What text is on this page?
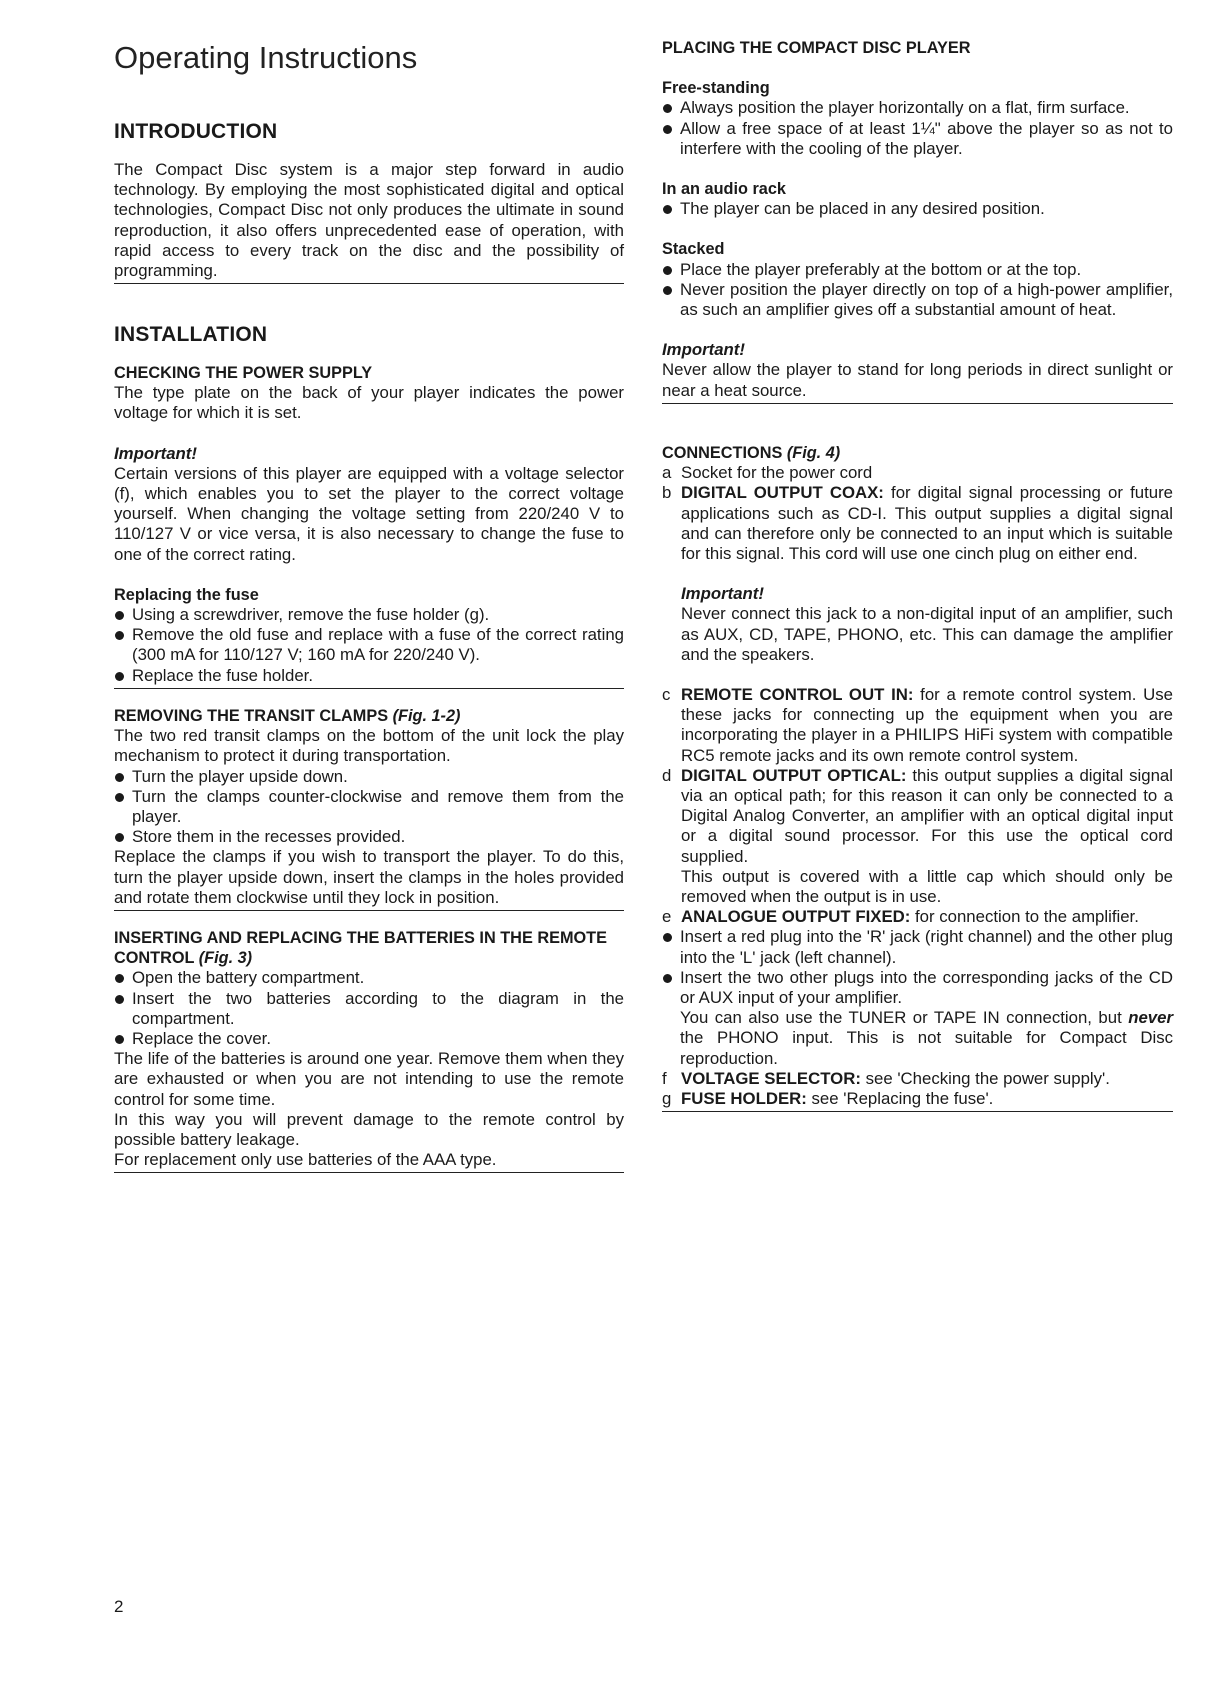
Operating Instructions
INTRODUCTION

The Compact Disc system is a major step forward in audio technology. By employing the most sophisticated digital and optical technologies, Compact Disc not only produces the ultimate in sound reproduction, it also offers unprecedented ease of operation, with rapid access to every track on the disc and the possibility of programming.

INSTALLATION

CHECKING THE POWER SUPPLY

The type plate on the back of your player indicates the power voltage for which it is set.

Important!

Certain versions of this player are equipped with a voltage selector (f), which enables you to set the player to the correct voltage yourself. When changing the voltage setting from 220/240 V to 110/127 V or vice versa, it is also necessary to change the fuse to one of the correct rating.

Replacing the fuse

Using a screwdriver, remove the fuse holder (g).
Remove the old fuse and replace with a fuse of the correct rating (300 mA for 110/127 V; 160 mA for 220/240 V).
Replace the fuse holder.

REMOVING THE TRANSIT CLAMPS (Fig. 1-2)

The two red transit clamps on the bottom of the unit lock the play mechanism to protect it during transportation.

Turn the player upside down.
Turn the clamps counter-clockwise and remove them from the player.
Store them in the recesses provided.

Replace the clamps if you wish to transport the player. To do this, turn the player upside down, insert the clamps in the holes provided and rotate them clockwise until they lock in position.

INSERTING AND REPLACING THE BATTERIES IN THE REMOTE CONTROL (Fig. 3)

Open the battery compartment.
Insert the two batteries according to the diagram in the compartment.
Replace the cover.

The life of the batteries is around one year. Remove them when they are exhausted or when you are not intending to use the remote control for some time.

In this way you will prevent damage to the remote control by possible battery leakage.

For replacement only use batteries of the AAA type.

PLACING THE COMPACT DISC PLAYER

Free-standing

Always position the player horizontally on a flat, firm surface.
Allow a free space of at least 1¼" above the player so as not to interfere with the cooling of the player.

In an audio rack

The player can be placed in any desired position.

Stacked

Place the player preferably at the bottom or at the top.
Never position the player directly on top of a high-power amplifier, as such an amplifier gives off a substantial amount of heat.

Important!

Never allow the player to stand for long periods in direct sunlight or near a heat source.

CONNECTIONS (Fig. 4)

a Socket for the power cord
b DIGITAL OUTPUT COAX: for digital signal processing or future applications such as CD-I. This output supplies a digital signal and can therefore only be connected to an input which is suitable for this signal. This cord will use one cinch plug on either end.

Important!

Never connect this jack to a non-digital input of an amplifier, such as AUX, CD, TAPE, PHONO, etc. This can damage the amplifier and the speakers.

c REMOTE CONTROL OUT IN: for a remote control system. Use these jacks for connecting up the equipment when you are incorporating the player in a PHILIPS HiFi system with compatible RC5 remote jacks and its own remote control system.
d DIGITAL OUTPUT OPTICAL: this output supplies a digital signal via an optical path; for this reason it can only be connected to a Digital Analog Converter, an amplifier with an optical digital input or a digital sound processor. For this use the optical cord supplied.
This output is covered with a little cap which should only be removed when the output is in use.
e ANALOGUE OUTPUT FIXED: for connection to the amplifier.
Insert a red plug into the 'R' jack (right channel) and the other plug into the 'L' jack (left channel).
Insert the two other plugs into the corresponding jacks of the CD or AUX input of your amplifier.
You can also use the TUNER or TAPE IN connection, but never the PHONO input. This is not suitable for Compact Disc reproduction.
f VOLTAGE SELECTOR: see 'Checking the power supply'.
g FUSE HOLDER: see 'Replacing the fuse'.
2
